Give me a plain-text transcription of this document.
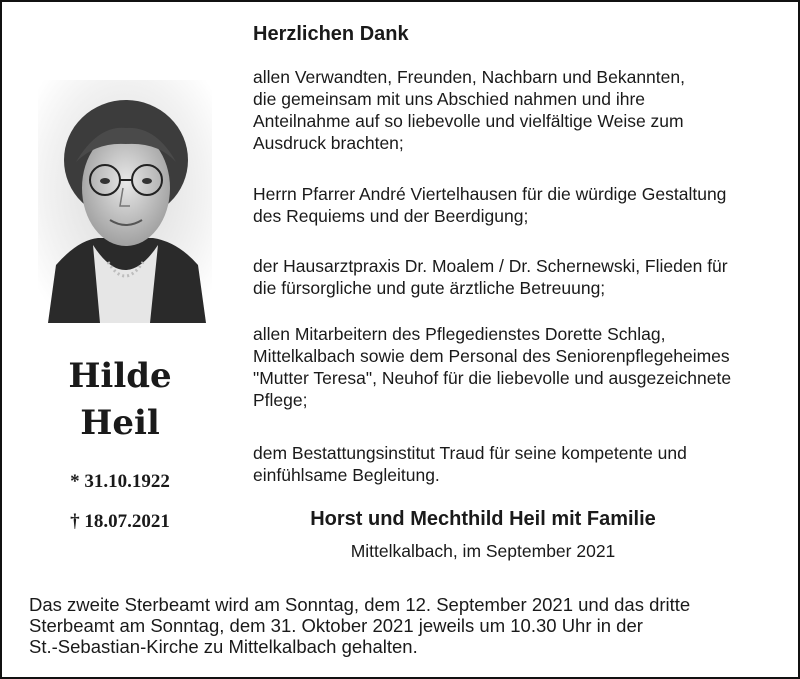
Hilde
Heil
* 31.10.1922
† 18.07.2021
Herzlichen Dank
allen Verwandten, Freunden, Nachbarn und Bekannten,
die gemeinsam mit uns Abschied nahmen und ihre
Anteilnahme auf so liebevolle und vielfältige Weise zum
Ausdruck brachten;
Herrn Pfarrer André Viertelhausen für die würdige Gestaltung
des Requiems und der Beerdigung;
der Hausarztpraxis Dr. Moalem / Dr. Schernewski, Flieden für
die fürsorgliche und gute ärztliche Betreuung;
allen Mitarbeitern des Pflegedienstes Dorette Schlag,
Mittelkalbach sowie dem Personal des Seniorenpflegeheimes
"Mutter Teresa", Neuhof für die liebevolle und ausgezeichnete
Pflege;
dem Bestattungsinstitut Traud für seine kompetente und
einfühlsame Begleitung.
Horst und Mechthild Heil mit Familie
Mittelkalbach, im September 2021
Das zweite Sterbeamt wird am Sonntag, dem 12. September 2021 und das dritte
Sterbeamt am Sonntag, dem 31. Oktober 2021 jeweils um 10.30 Uhr in der
St.-Sebastian-Kirche zu Mittelkalbach gehalten.
